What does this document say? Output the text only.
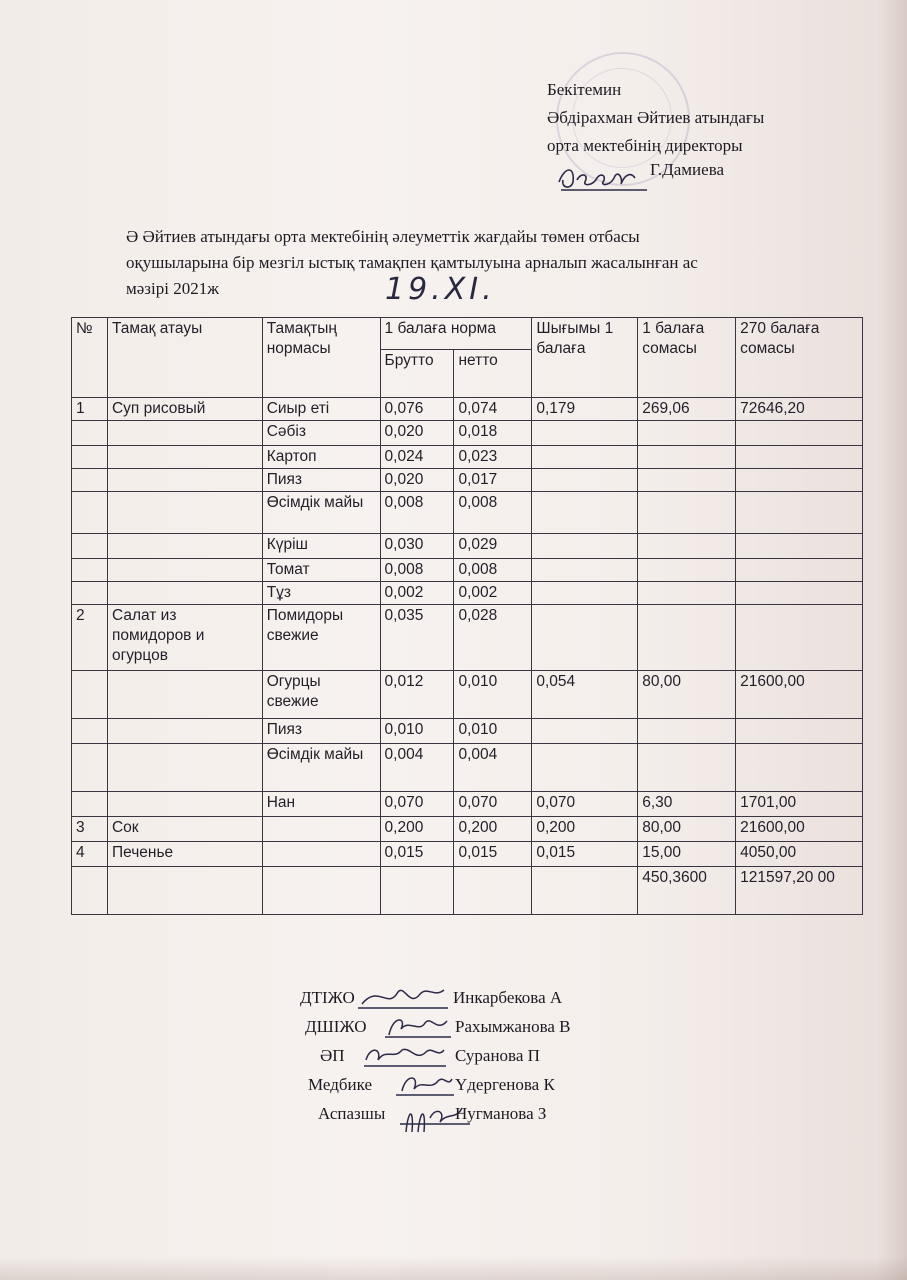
Бекітемин
Әбдірахман Әйтиев атындағы
орта мектебінің директоры
Г.Дамиева
Ә Әйтиев атындағы орта мектебінің әлеуметтік жағдайы төмен отбасы
оқушыларына бір мезгіл ыстық тамақпен қамтылуына арналып жасалынған ас
мәзірі 2021ж	19.XI.
№	Тамақ атауы	Тамақтың нормасы	1 балаға норма		Шығымы 1 балаға	1 балаға сомасы	270 балаға сомасы
			Брутто	нетто			
1	Суп рисовый	Сиыр еті	0,076	0,074	0,179	269,06	72646,20
		Сәбіз	0,020	0,018			
		Картоп	0,024	0,023			
		Пияз	0,020	0,017			
		Өсімдік майы	0,008	0,008			
		Күріш	0,030	0,029			
		Томат	0,008	0,008			
		Тұз	0,002	0,002			
2	Салат из помидоров и огурцов	Помидоры свежие	0,035	0,028			
		Огурцы свежие	0,012	0,010	0,054	80,00	21600,00
		Пияз	0,010	0,010			
		Өсімдік майы	0,004	0,004			
		Нан	0,070	0,070	0,070	6,30	1701,00
3	Сок		0,200	0,200	0,200	80,00	21600,00
4	Печенье		0,015	0,015	0,015	15,00	4050,00
						450,3600	121597,20 00
ДТІЖО	Инкарбекова А
ДШІЖО	Рахымжанова В
ӘП	Суранова П
Медбике	Үдергенова К
Аспазшы	Нугманова З
